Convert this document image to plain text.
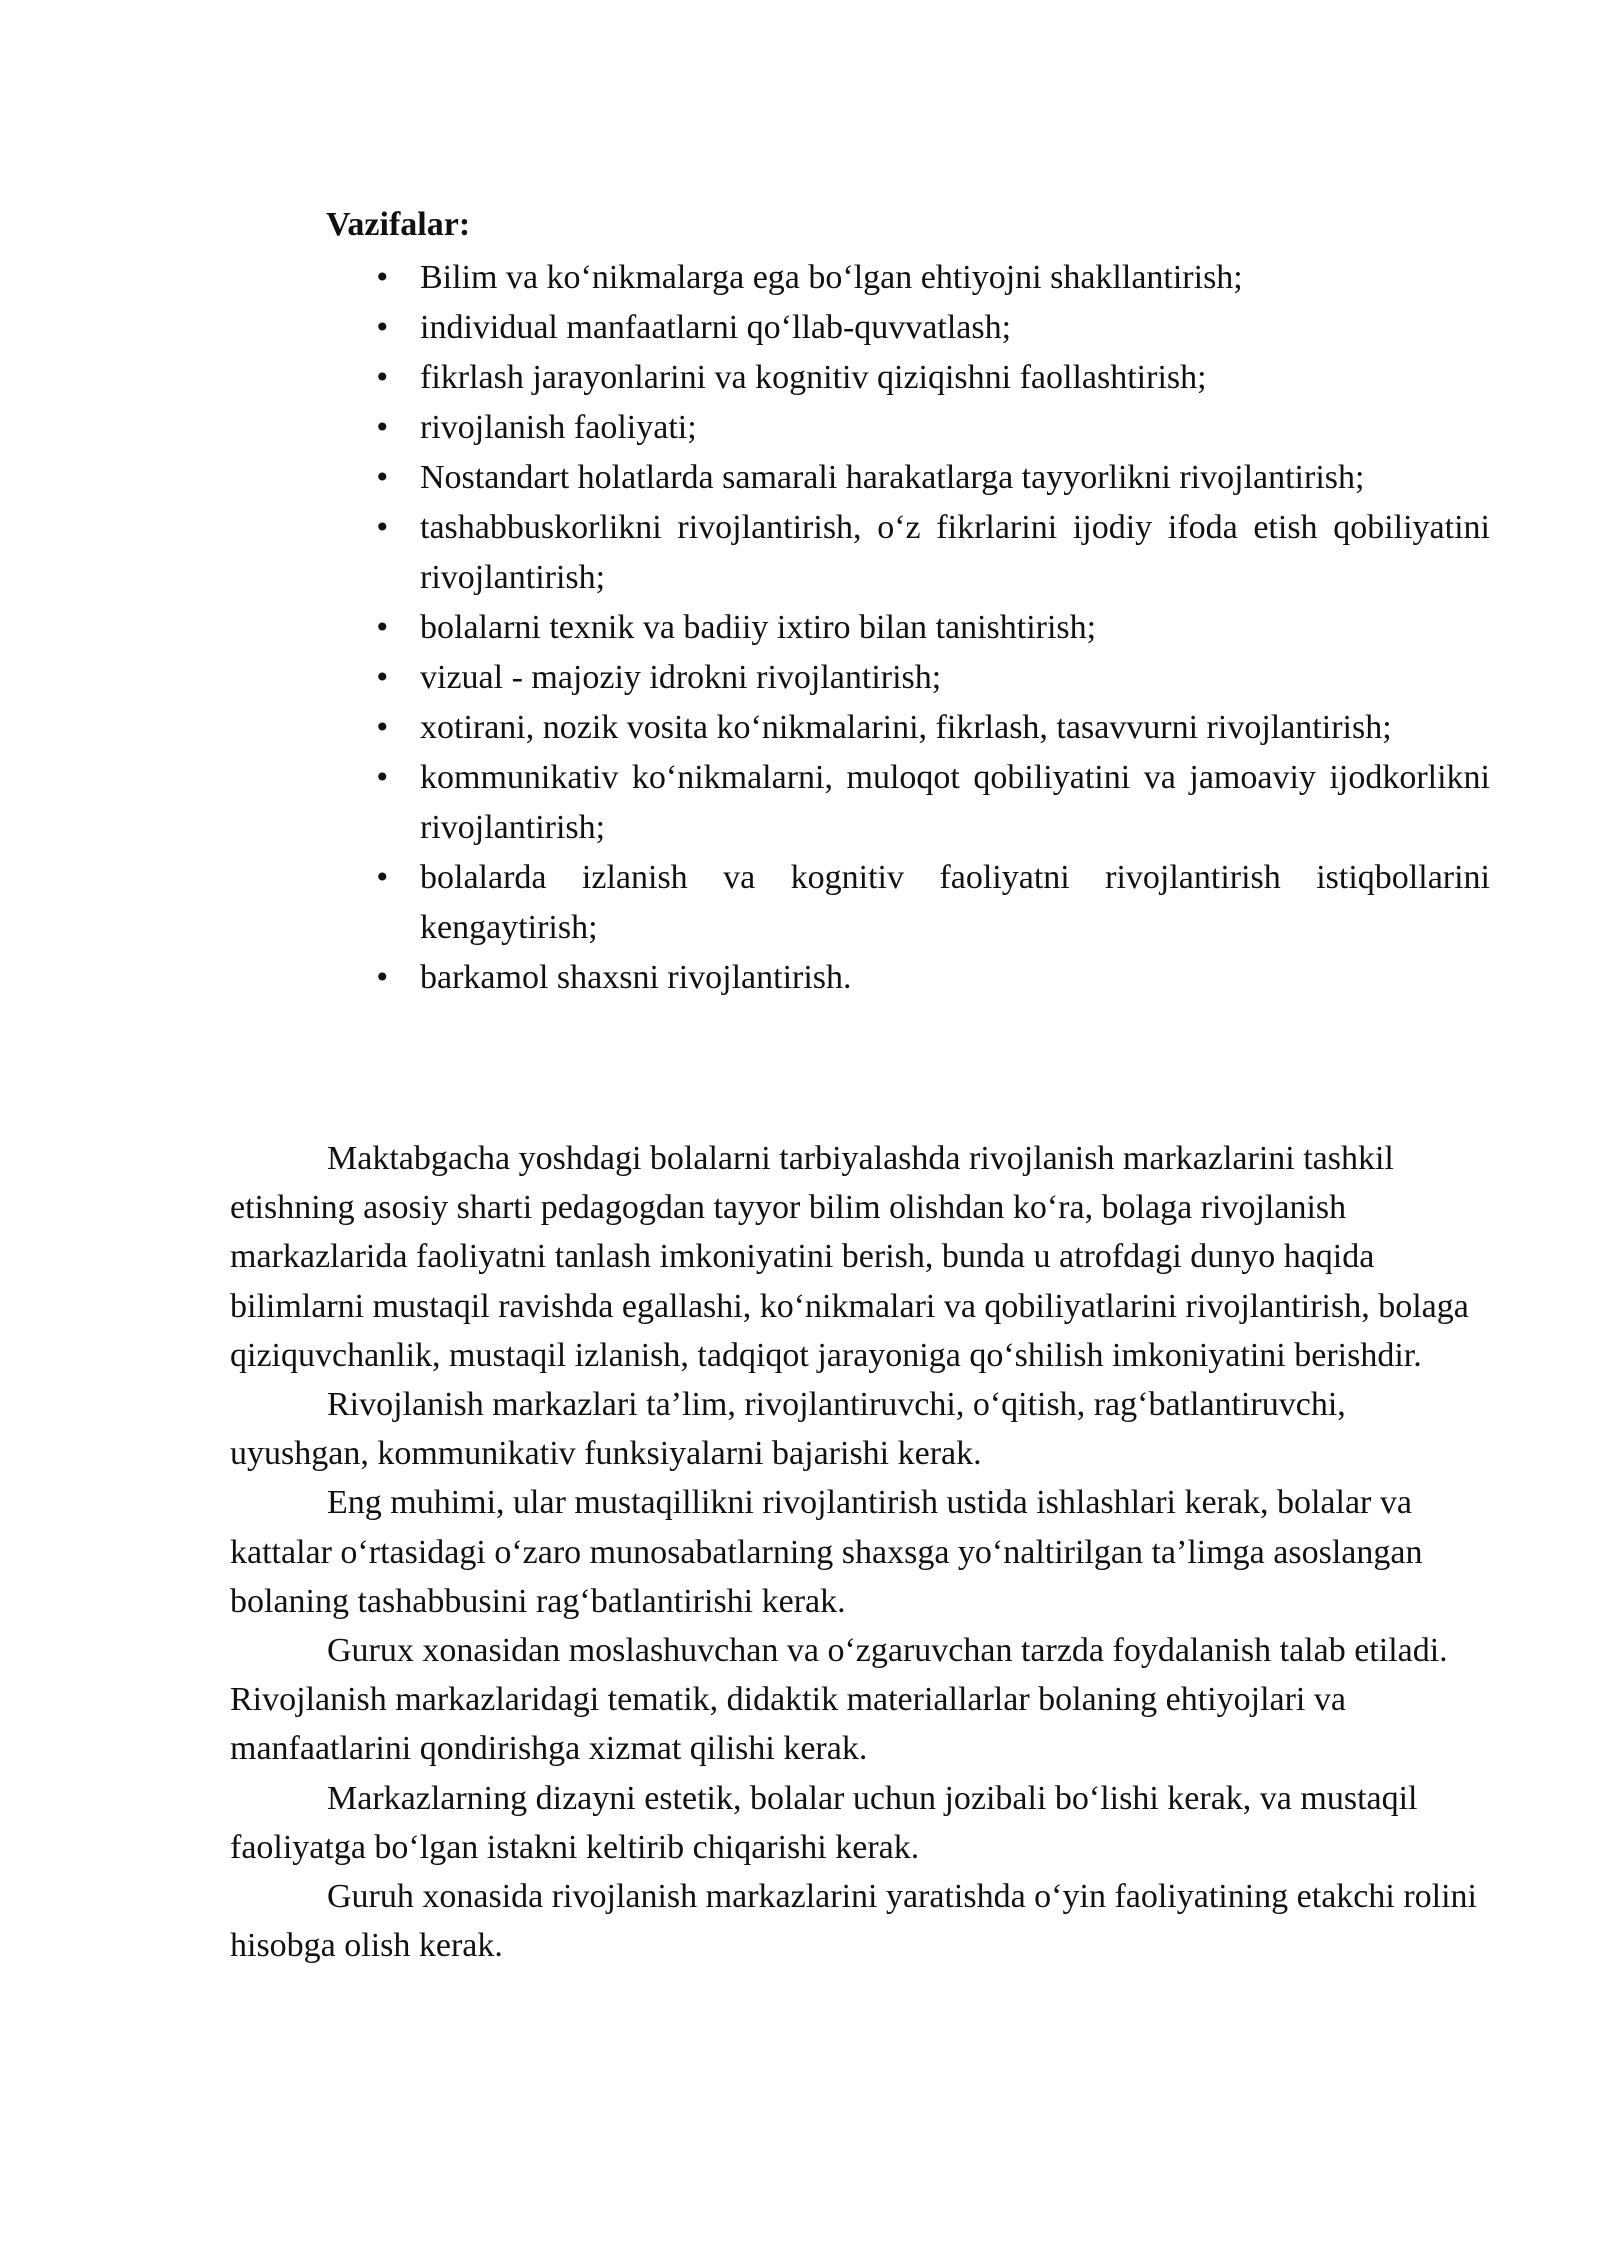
Vazifalar:
• Bilim va ko‘nikmalarga ega bo‘lgan ehtiyojni shakllantirish;
• individual manfaatlarni qo‘llab-quvvatlash;
• fikrlash jarayonlarini va kognitiv qiziqishni faollashtirish;
• rivojlanish faoliyati;
• Nostandart holatlarda samarali harakatlarga tayyorlikni rivojlantirish;
• tashabbuskorlikni rivojlantirish, o‘z fikrlarini ijodiy ifoda etish qobiliyatini rivojlantirish;
• bolalarni texnik va badiiy ixtiro bilan tanishtirish;
• vizual - majoziy idrokni rivojlantirish;
• xotirani, nozik vosita ko‘nikmalarini, fikrlash, tasavvurni rivojlantirish;
• kommunikativ ko‘nikmalarni, muloqot qobiliyatini va jamoaviy ijodkorlikni rivojlantirish;
• bolalarda izlanish va kognitiv faoliyatni rivojlantirish istiqbollarini kengaytirish;
• barkamol shaxsni rivojlantirish.

Maktabgacha yoshdagi bolalarni tarbiyalashda rivojlanish markazlarini tashkil etishning asosiy sharti pedagogdan tayyor bilim olishdan ko‘ra, bolaga rivojlanish markazlarida faoliyatni tanlash imkoniyatini berish, bunda u atrofdagi dunyo haqida bilimlarni mustaqil ravishda egallashi, ko‘nikmalari va qobiliyatlarini rivojlantirish, bolaga qiziquvchanlik, mustaqil izlanish, tadqiqot jarayoniga qo‘shilish imkoniyatini berishdir.

Rivojlanish markazlari ta’lim, rivojlantiruvchi, o‘qitish, rag‘batlantiruvchi, uyushgan, kommunikativ funksiyalarni bajarishi kerak.

Eng muhimi, ular mustaqillikni rivojlantirish ustida ishlashlari kerak, bolalar va kattalar o‘rtasidagi o‘zaro munosabatlarning shaxsga yo‘naltirilgan ta’limga asoslangan bolaning tashabbusini rag‘batlantirishi kerak.

Gurux xonasidan moslashuvchan va o‘zgaruvchan tarzda foydalanish talab etiladi. Rivojlanish markazlaridagi tematik, didaktik materiallarlar bolaning ehtiyojlari va manfaatlarini qondirishga xizmat qilishi kerak.

Markazlarning dizayni estetik, bolalar uchun jozibali bo‘lishi kerak, va mustaqil faoliyatga bo‘lgan istakni keltirib chiqarishi kerak.

Guruh xonasida rivojlanish markazlarini yaratishda o‘yin faoliyatining etakchi rolini hisobga olish kerak.
